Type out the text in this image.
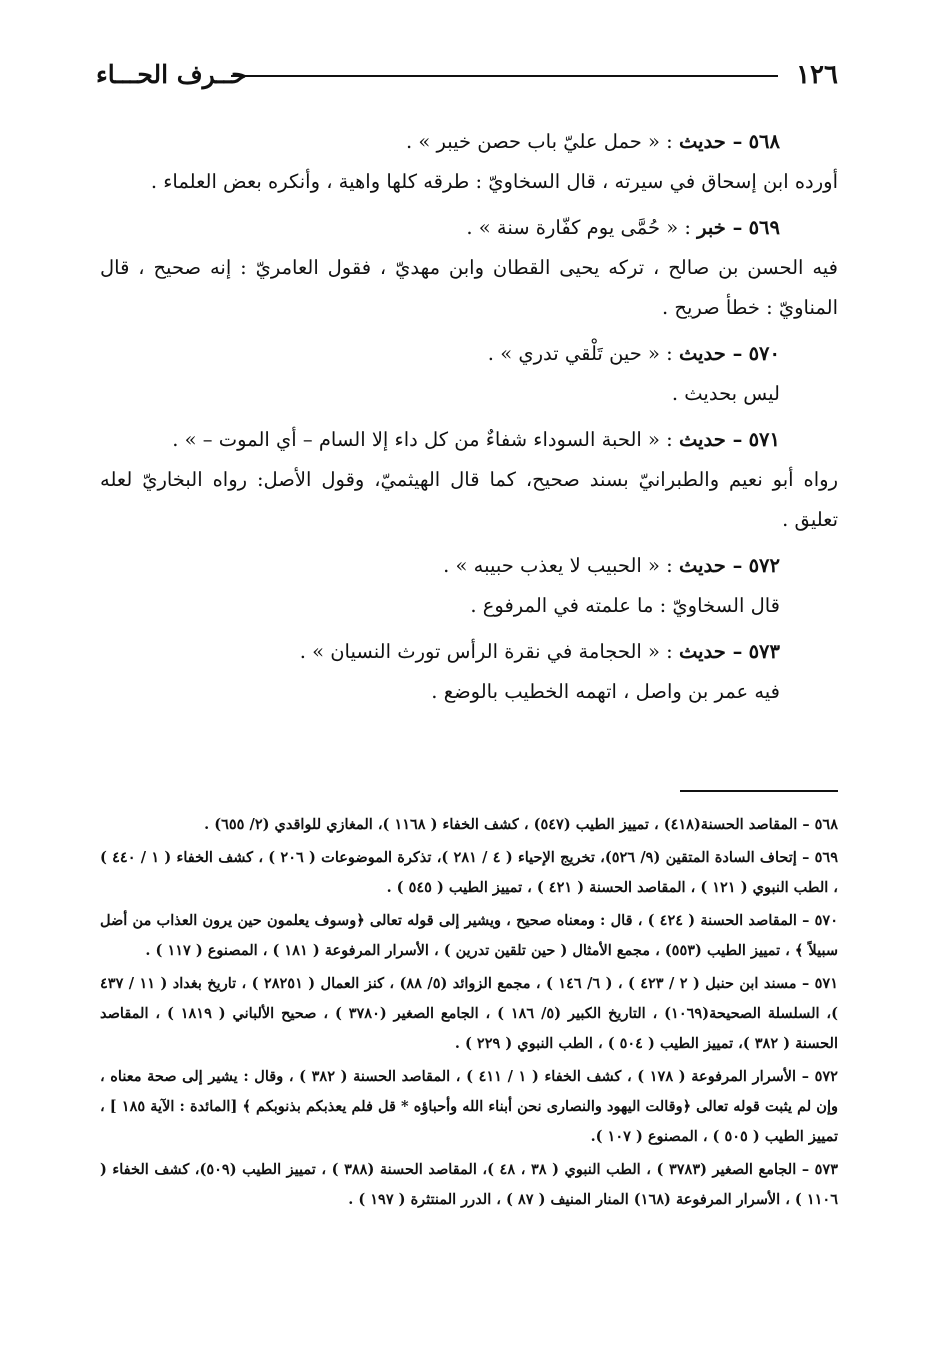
١٢٦
حــرف الحـــاء

٥٦٨ – حديث : « حمل عليّ باب حصن خيبر » .

أورده ابن إسحاق في سيرته ، قال السخاويّ : طرقه كلها واهية ، وأنكره بعض العلماء .

٥٦٩ – خبر : « حُمَّى يوم كفّارة سنة » .

فيه الحسن بن صالح ، تركه يحيى القطان وابن مهديّ ، فقول العامريّ : إنه صحيح ، قال المناويّ : خطأ صريح .

٥٧٠ – حديث : « حين تَلْقي تدري » .

ليس بحديث .

٥٧١ – حديث : « الحبة السوداء شفاءٌ من كل داء إلا السام – أي الموت – » .

رواه أبو نعيم والطبرانيّ بسند صحيح، كما قال الهيثميّ، وقول الأصل: رواه البخاريّ لعله تعليق .

٥٧٢ – حديث : « الحبيب لا يعذب حبيبه » .

قال السخاويّ : ما علمته في المرفوع .

٥٧٣ – حديث : « الحجامة في نقرة الرأس تورث النسيان » .

فيه عمر بن واصل ، اتهمه الخطيب بالوضع .

٥٦٨ – المقاصد الحسنة(٤١٨) ، تمييز الطيب (٥٤٧) ، كشف الخفاء ( ١١٦٨ )، المغازي للواقدي (٢/ ٦٥٥) .

٥٦٩ – إتحاف السادة المتقين (٩/ ٥٢٦)، تخريج الإحياء ( ٤ / ٢٨١ )، تذكرة الموضوعات ( ٢٠٦ ) ، كشف الخفاء ( ١ / ٤٤٠ ) ، الطب النبوي ( ١٢١ ) ، المقاصد الحسنة ( ٤٢١ ) ، تمييز الطيب ( ٥٤٥ ) .

٥٧٠ – المقاصد الحسنة ( ٤٢٤ ) ، قال : ومعناه صحيح ، ويشير إلى قوله تعالى ﴿وسوف يعلمون حين يرون العذاب من أضل سبيلاً ﴾ ، تمييز الطيب (٥٥٣) ، مجمع الأمثال ( حين تلقين تدرين ) ، الأسرار المرفوعة ( ١٨١ ) ، المصنوع ( ١١٧ ) .

٥٧١ – مسند ابن حنبل ( ٢ / ٤٢٣ ) ، ( ٦/ ١٤٦ ) ، مجمع الزوائد (٥/ ٨٨) ، كنز العمال ( ٢٨٢٥١ ) ، تاريخ بغداد ( ١١ / ٤٣٧ )، السلسلة الصحيحة(١٠٦٩) ، التاريخ الكبير (٥/ ١٨٦ ) ، الجامع الصغير (٣٧٨٠ ) ، صحيح الألباني ( ١٨١٩ ) ، المقاصد الحسنة ( ٣٨٢ )، تمييز الطيب ( ٥٠٤ ) ، الطب النبوي ( ٢٢٩ ) .

٥٧٢ – الأسرار المرفوعة ( ١٧٨ ) ، كشف الخفاء ( ١ / ٤١١ ) ، المقاصد الحسنة ( ٣٨٢ ) ، وقال : يشير إلى صحة معناه ، وإن لم يثبت قوله تعالى ﴿وقالت اليهود والنصارى نحن أبناء الله وأحباؤه * قل فلم يعذبكم بذنوبكم ﴾ [المائدة : الآية ١٨٥ ] ، تمييز الطيب ( ٥٠٥ ) ، المصنوع ( ١٠٧ ).

٥٧٣ – الجامع الصغير (٣٧٨٣ ) ، الطب النبوي ( ٣٨ ، ٤٨ )، المقاصد الحسنة (٣٨٨ ) ، تمييز الطيب (٥٠٩)، كشف الخفاء ( ١١٠٦ ) ، الأسرار المرفوعة (١٦٨) المنار المنيف ( ٨٧ ) ، الدرر المنتثرة ( ١٩٧ ) .
